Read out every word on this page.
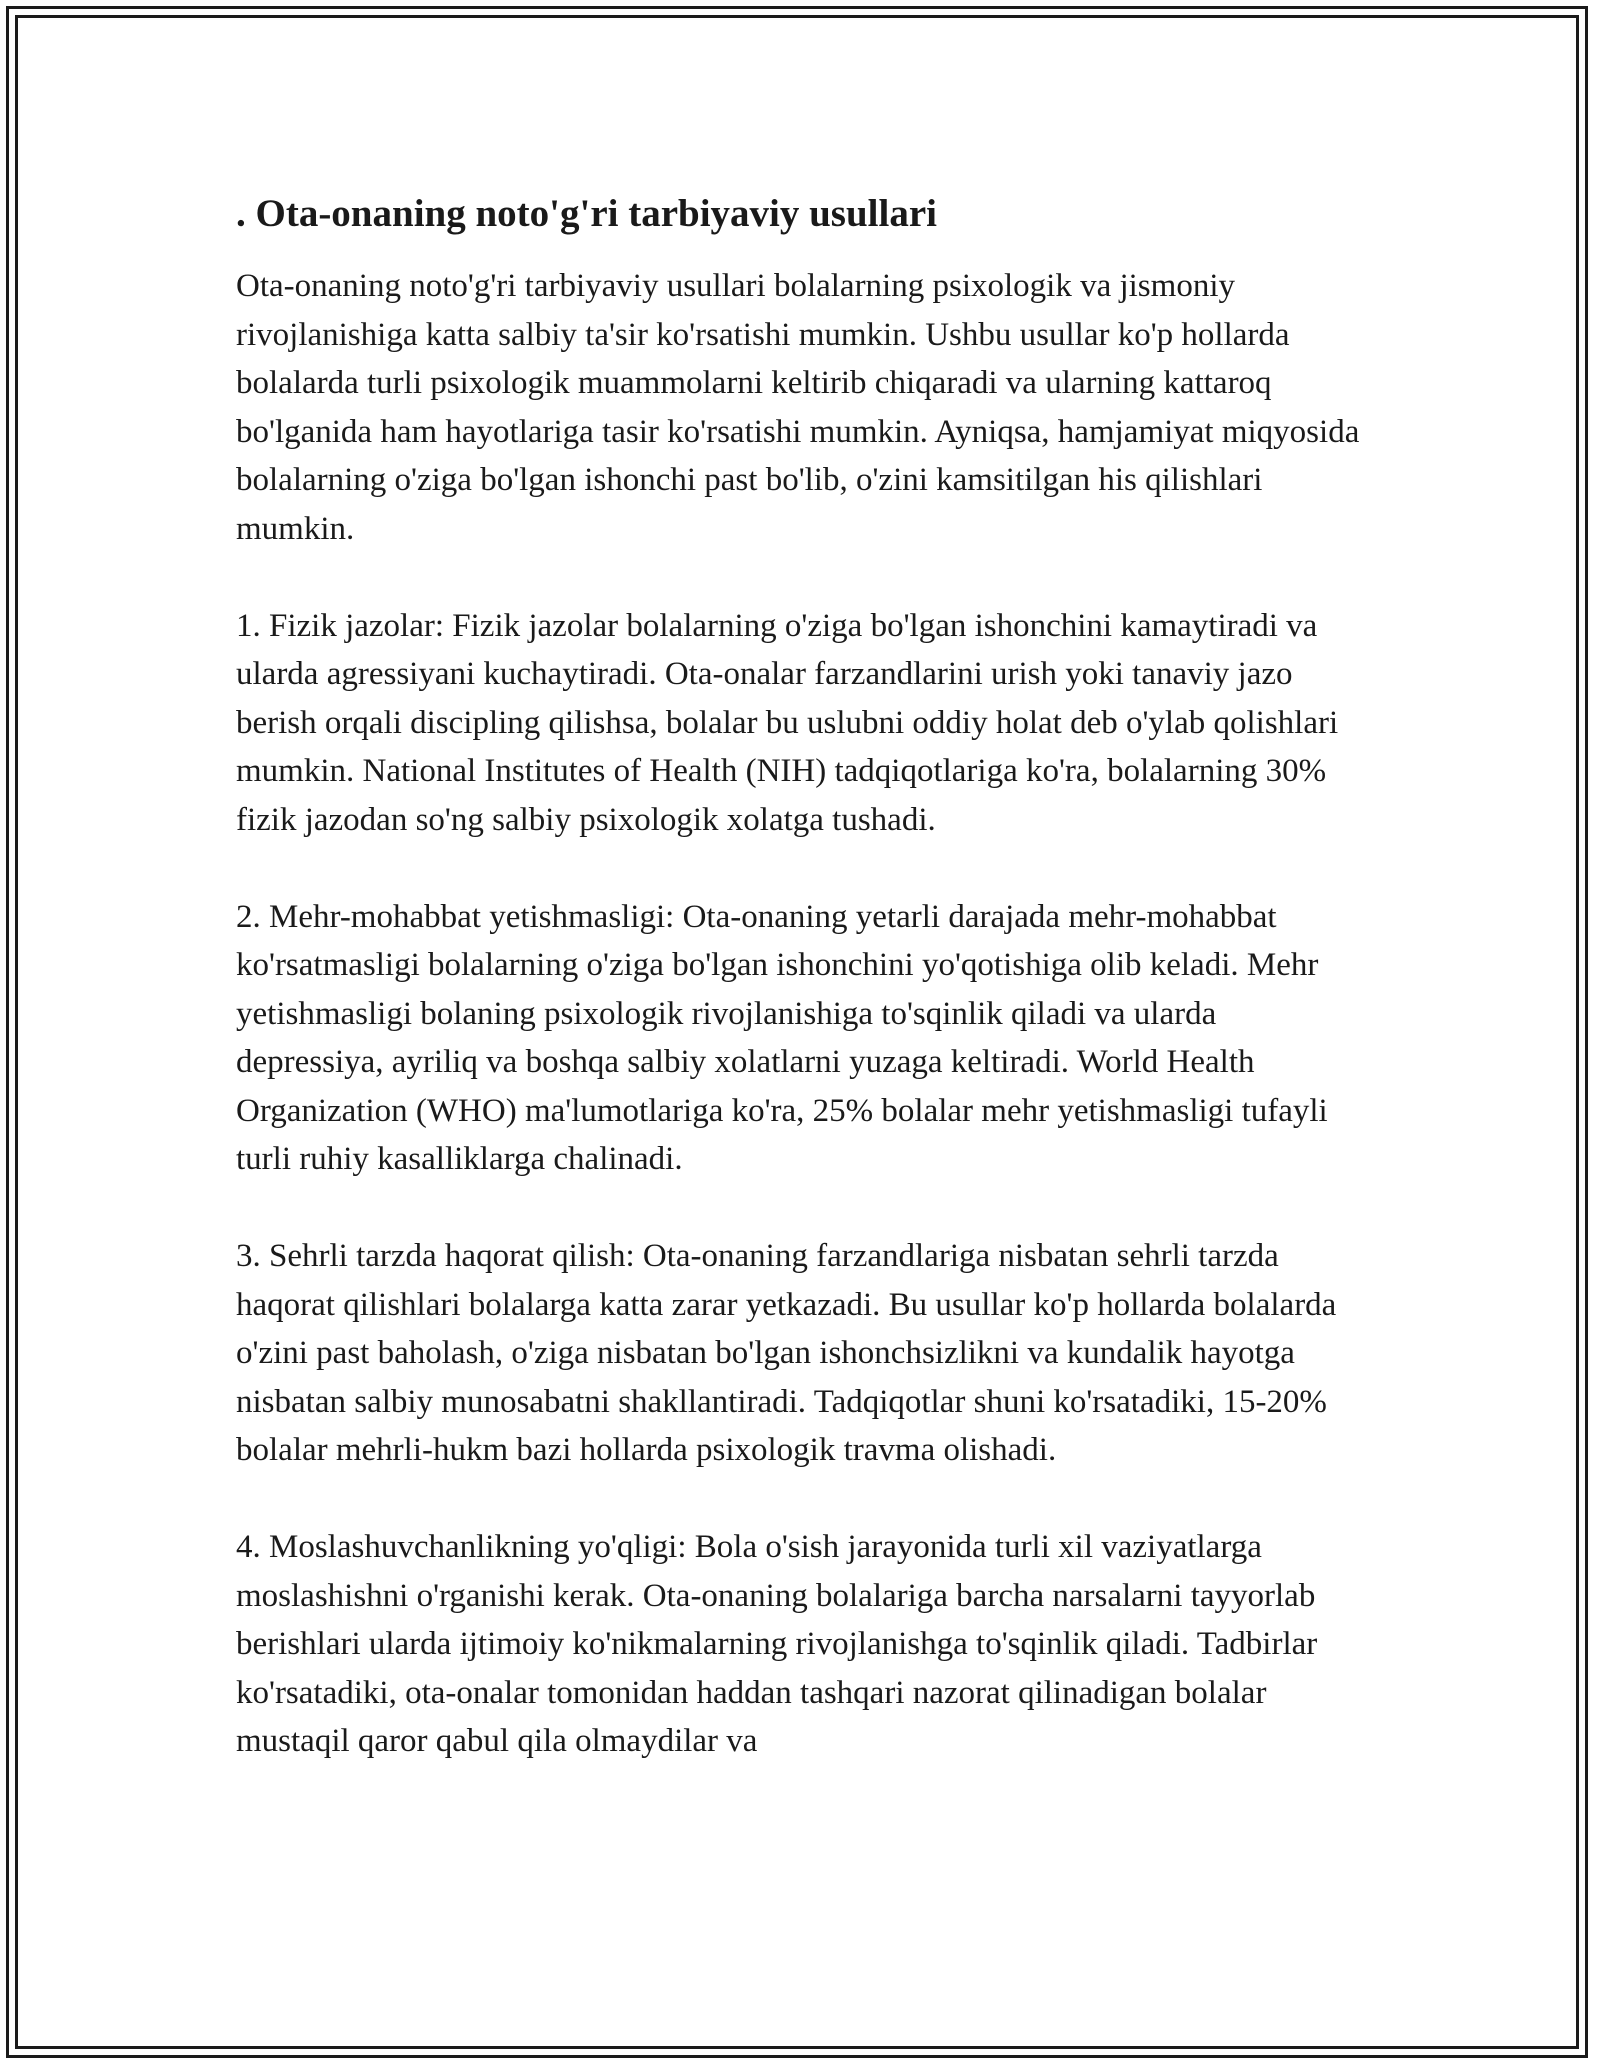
. Ota-onaning noto'g'ri tarbiyaviy usullari

Ota-onaning noto'g'ri tarbiyaviy usullari bolalarning psixologik va jismoniy rivojlanishiga katta salbiy ta'sir ko'rsatishi mumkin. Ushbu usullar ko'p hollarda bolalarda turli psixologik muammolarni keltirib chiqaradi va ularning kattaroq bo'lganida ham hayotlariga tasir ko'rsatishi mumkin. Ayniqsa, hamjamiyat miqyosida bolalarning o'ziga bo'lgan ishonchi past bo'lib, o'zini kamsitilgan his qilishlari mumkin.

1. Fizik jazolar: Fizik jazolar bolalarning o'ziga bo'lgan ishonchini kamaytiradi va ularda agressiyani kuchaytiradi. Ota-onalar farzandlarini urish yoki tanaviy jazo berish orqali discipling qilishsa, bolalar bu uslubni oddiy holat deb o'ylab qolishlari mumkin. National Institutes of Health (NIH) tadqiqotlariga ko'ra, bolalarning 30% fizik jazodan so'ng salbiy psixologik xolatga tushadi.

2. Mehr-mohabbat yetishmasligi: Ota-onaning yetarli darajada mehr-mohabbat ko'rsatmasligi bolalarning o'ziga bo'lgan ishonchini yo'qotishiga olib keladi. Mehr yetishmasligi bolaning psixologik rivojlanishiga to'sqinlik qiladi va ularda depressiya, ayriliq va boshqa salbiy xolatlarni yuzaga keltiradi. World Health Organization (WHO) ma'lumotlariga ko'ra, 25% bolalar mehr yetishmasligi tufayli turli ruhiy kasalliklarga chalinadi.

3. Sehrli tarzda haqorat qilish: Ota-onaning farzandlariga nisbatan sehrli tarzda haqorat qilishlari bolalarga katta zarar yetkazadi. Bu usullar ko'p hollarda bolalarda o'zini past baholash, o'ziga nisbatan bo'lgan ishonchsizlikni va kundalik hayotga nisbatan salbiy munosabatni shakllantiradi. Tadqiqotlar shuni ko'rsatadiki, 15-20% bolalar mehrli-hukm bazi hollarda psixologik travma olishadi.

4. Moslashuvchanlikning yo'qligi: Bola o'sish jarayonida turli xil vaziyatlarga moslashishni o'rganishi kerak. Ota-onaning bolalariga barcha narsalarni tayyorlab berishlari ularda ijtimoiy ko'nikmalarning rivojlanishga to'sqinlik qiladi. Tadbirlar ko'rsatadiki, ota-onalar tomonidan haddan tashqari nazorat qilinadigan bolalar mustaqil qaror qabul qila olmaydilar va
